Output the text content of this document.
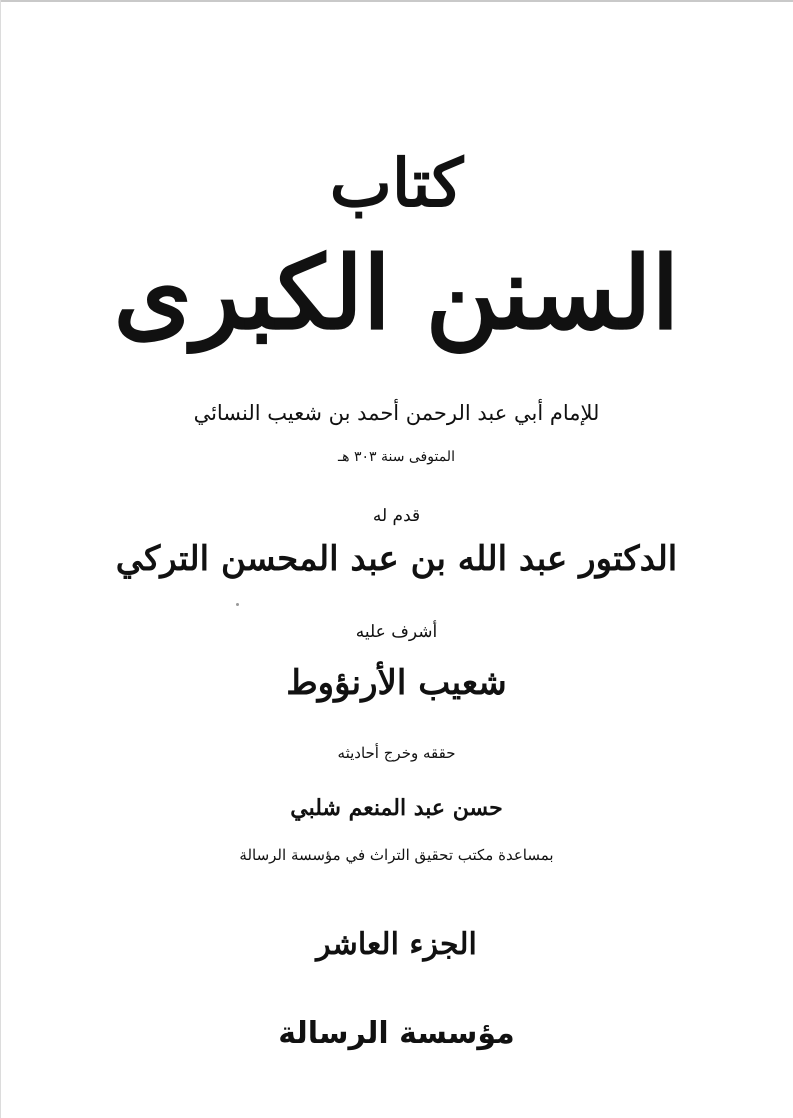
كتاب
السنن الكبرى
للإمام أبي عبد الرحمن أحمد بن شعيب النسائي
المتوفى سنة ٣٠٣ هـ
قدم له
الدكتور عبد الله بن عبد المحسن التركي
أشرف عليه
شعيب الأرنؤوط
حققه وخرج أحاديثه
حسن عبد المنعم شلبي
بمساعدة مكتب تحقيق التراث في مؤسسة الرسالة
الجزء العاشر
مؤسسة الرسالة
